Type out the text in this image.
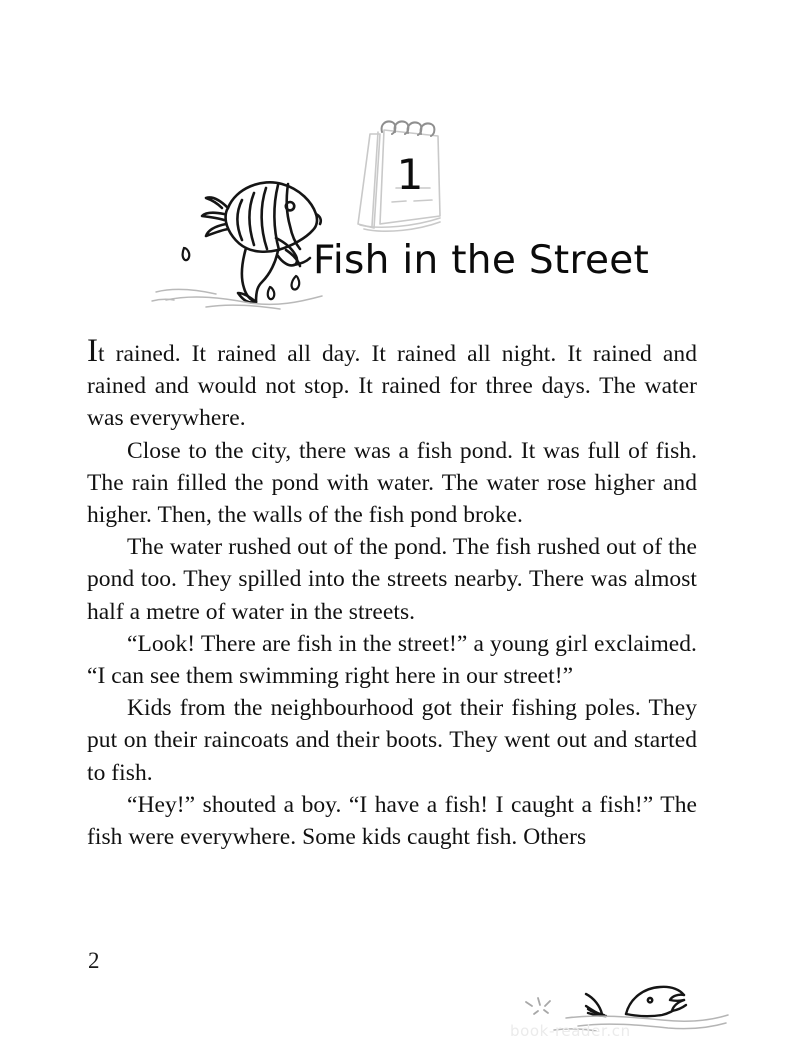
1
Fish in the Street

It rained. It rained all day. It rained all night. It rained and rained and would not stop. It rained for three days. The water was everywhere.

Close to the city, there was a fish pond. It was full of fish. The rain filled the pond with water. The water rose higher and higher. Then, the walls of the fish pond broke.

The water rushed out of the pond. The fish rushed out of the pond too. They spilled into the streets nearby. There was almost half a metre of water in the streets.

“Look! There are fish in the street!” a young girl exclaimed. “I can see them swimming right here in our street!”

Kids from the neighbourhood got their fishing poles. They put on their raincoats and their boots. They went out and started to fish.

“Hey!” shouted a boy. “I have a fish! I caught a fish!” The fish were everywhere. Some kids caught fish. Others

2
book-reader.cn
